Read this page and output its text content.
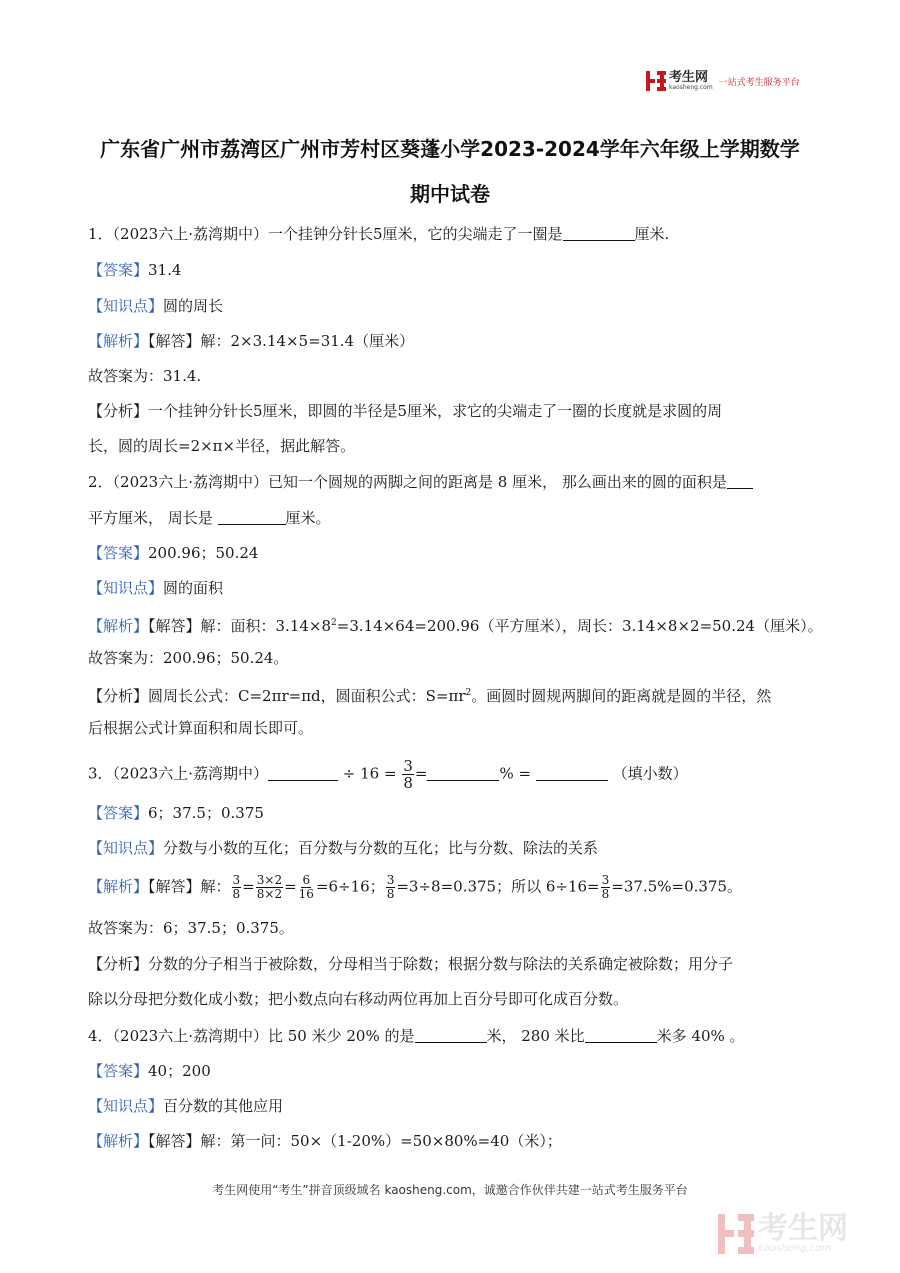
考生网
kaosheng.com 一站式考生服务平台
广东省广州市荔湾区广州市芳村区葵蓬小学2023-2024学年六年级上学期数学
期中试卷
1．（2023六上·荔湾期中）一个挂钟分针长5厘米，它的尖端走了一圈是	厘米.
【答案】31.4
【知识点】圆的周长
【解析】【解答】解：2×3.14×5=31.4（厘米）
故答案为：31.4.
【分析】一个挂钟分针长5厘米，即圆的半径是5厘米，求它的尖端走了一圈的长度就是求圆的周
长，圆的周长=2×π×半径，据此解答。
2．（2023六上·荔湾期中）已知一个圆规的两脚之间的距离是 8 厘米， 那么画出来的圆的面积是
平方厘米， 周长是	厘米。
【答案】200.96；50.24
【知识点】圆的面积
【解析】【解答】解：面积：$3.14\times 8^2=3.14\times 64=200.96$（平方厘米），周长：3.14×8×2=50.24（厘米）。
故答案为：200.96；50.24。
【分析】圆周长公式：C=2πr=πd，圆面积公式：$S=\pi r^2$。画圆时圆规两脚间的距离就是圆的半径，然
后根据公式计算面积和周长即可。
3．（2023六上·荔湾期中）	÷ $16 = \frac{3}{8}$ =	% =	（填小数）
【答案】6；37.5；0.375
【知识点】分数与小数的互化；百分数与分数的互化；比与分数、除法的关系
【解析】【解答】解： $\frac{3}{8} = \frac{3\times 2}{8\times 2} = \frac{6}{16} =6\div 16$； $\frac{3}{8} =3\div 8=0.375$；所以 $6\div 16= \frac{3}{8} =37.5\%=0.375$。
故答案为：6；37.5；0.375。
【分析】分数的分子相当于被除数，分母相当于除数；根据分数与除法的关系确定被除数；用分子
除以分母把分数化成小数；把小数点向右移动两位再加上百分号即可化成百分数。
4．（2023六上·荔湾期中）比 50 米少 20% 的是	米， 280 米比	米多 40% 。
【答案】40；200
【知识点】百分数的其他应用
【解析】【解答】解：第一问：50×（1-20%）=50×80%=40（米）；
考生网使用“考生”拼音顶级域名 kaosheng.com，诚邀合作伙伴共建一站式考生服务平台
考生网
kaosheng.com
